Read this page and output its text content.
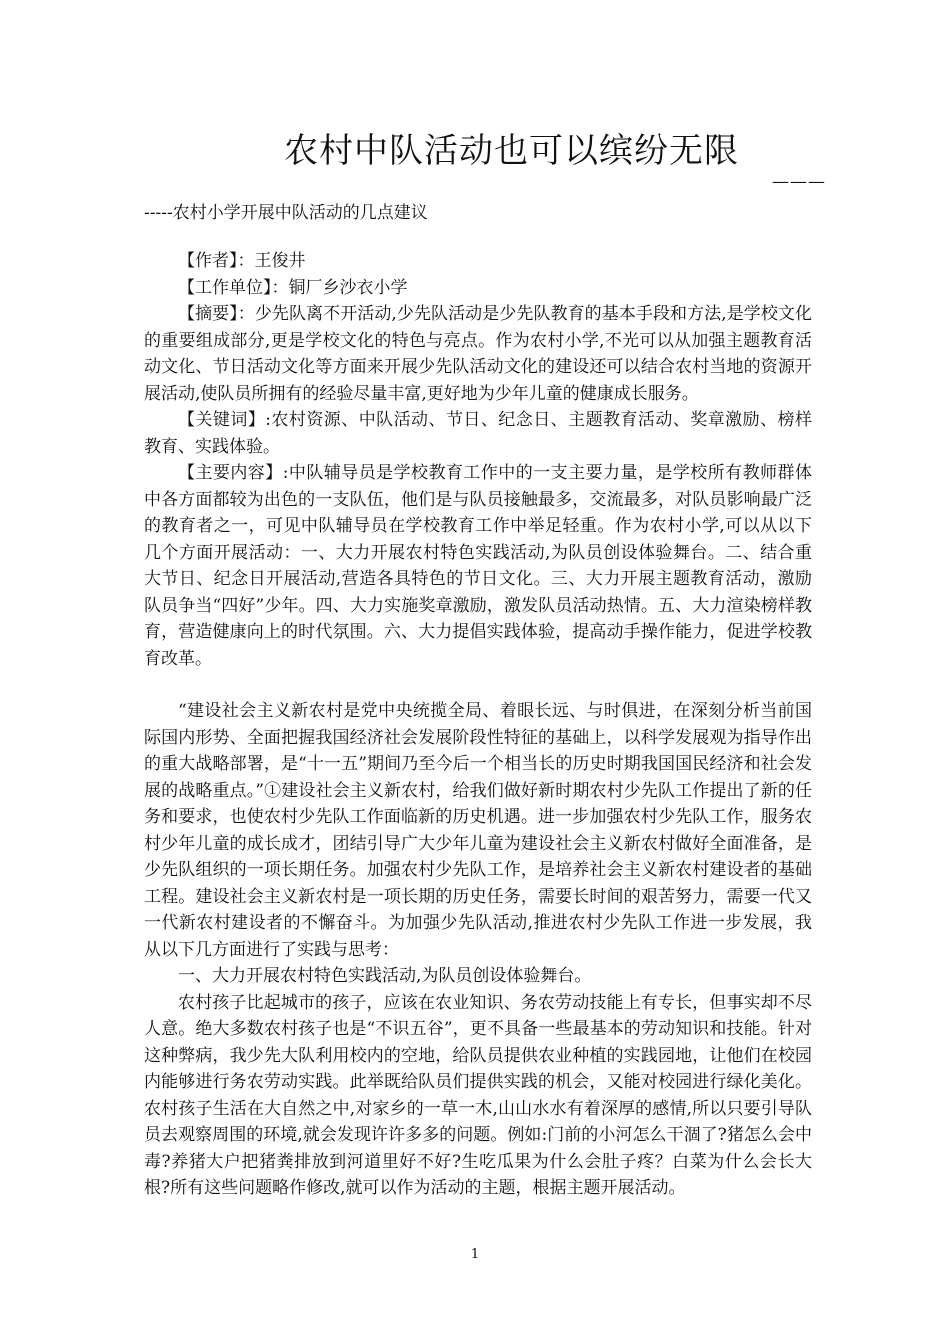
农村中队活动也可以缤纷无限
———
-----农村小学开展中队活动的几点建议

【作者】：王俊井

【工作单位】：铜厂乡沙衣小学

【摘要】：少先队离不开活动,少先队活动是少先队教育的基本手段和方法,是学校文化的重要组成部分,更是学校文化的特色与亮点。作为农村小学,不光可以从加强主题教育活动文化、节日活动文化等方面来开展少先队活动文化的建设还可以结合农村当地的资源开展活动,使队员所拥有的经验尽量丰富,更好地为少年儿童的健康成长服务。

【关键词】:农村资源、中队活动、节日、纪念日、主题教育活动、奖章激励、榜样教育、实践体验。

【主要内容】:中队辅导员是学校教育工作中的一支主要力量，是学校所有教师群体中各方面都较为出色的一支队伍，他们是与队员接触最多，交流最多，对队员影响最广泛的教育者之一，可见中队辅导员在学校教育工作中举足轻重。作为农村小学,可以从以下几个方面开展活动：一、大力开展农村特色实践活动,为队员创设体验舞台。二、结合重大节日、纪念日开展活动,营造各具特色的节日文化。三、大力开展主题教育活动，激励队员争当“四好”少年。四、大力实施奖章激励，激发队员活动热情。五、大力渲染榜样教育，营造健康向上的时代氛围。六、大力提倡实践体验，提高动手操作能力，促进学校教育改革。

“建设社会主义新农村是党中央统揽全局、着眼长远、与时俱进，在深刻分析当前国际国内形势、全面把握我国经济社会发展阶段性特征的基础上，以科学发展观为指导作出的重大战略部署，是“十一五”期间乃至今后一个相当长的历史时期我国国民经济和社会发展的战略重点。”①建设社会主义新农村，给我们做好新时期农村少先队工作提出了新的任务和要求，也使农村少先队工作面临新的历史机遇。进一步加强农村少先队工作，服务农村少年儿童的成长成才，团结引导广大少年儿童为建设社会主义新农村做好全面准备，是少先队组织的一项长期任务。加强农村少先队工作，是培养社会主义新农村建设者的基础工程。建设社会主义新农村是一项长期的历史任务，需要长时间的艰苦努力，需要一代又一代新农村建设者的不懈奋斗。为加强少先队活动,推进农村少先队工作进一步发展，我从以下几方面进行了实践与思考：

一、大力开展农村特色实践活动,为队员创设体验舞台。

农村孩子比起城市的孩子，应该在农业知识、务农劳动技能上有专长，但事实却不尽人意。绝大多数农村孩子也是“不识五谷”，更不具备一些最基本的劳动知识和技能。针对这种弊病，我少先大队利用校内的空地，给队员提供农业种植的实践园地，让他们在校园内能够进行务农劳动实践。此举既给队员们提供实践的机会，又能对校园进行绿化美化。农村孩子生活在大自然之中,对家乡的一草一木,山山水水有着深厚的感情,所以只要引导队员去观察周围的环境,就会发现许许多多的问题。例如:门前的小河怎么干涸了?猪怎么会中毒?养猪大户把猪粪排放到河道里好不好?生吃瓜果为什么会肚子疼？白菜为什么会长大根?所有这些问题略作修改,就可以作为活动的主题，根据主题开展活动。

1
